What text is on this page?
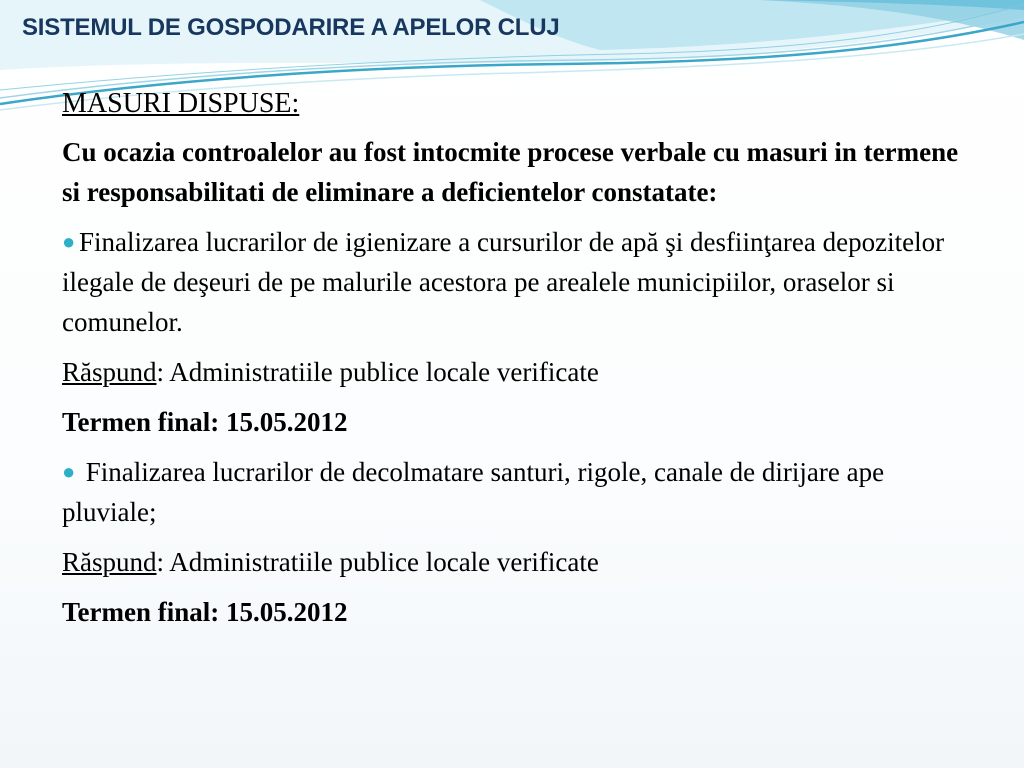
SISTEMUL DE GOSPODARIRE A APELOR CLUJ
MASURI DISPUSE:
Cu ocazia controalelor au fost intocmite procese verbale cu masuri in termene si responsabilitati de eliminare a deficientelor constatate:
● Finalizarea lucrarilor de igienizare a cursurilor de apă şi desfiinţarea depozitelor ilegale de deşeuri de pe malurile acestora pe arealele municipiilor, oraselor si comunelor.
Răspund: Administratiile publice locale verificate
Termen final: 15.05.2012
● Finalizarea lucrarilor de decolmatare santuri, rigole, canale de dirijare ape pluviale;
Răspund: Administratiile publice locale verificate
Termen final: 15.05.2012
